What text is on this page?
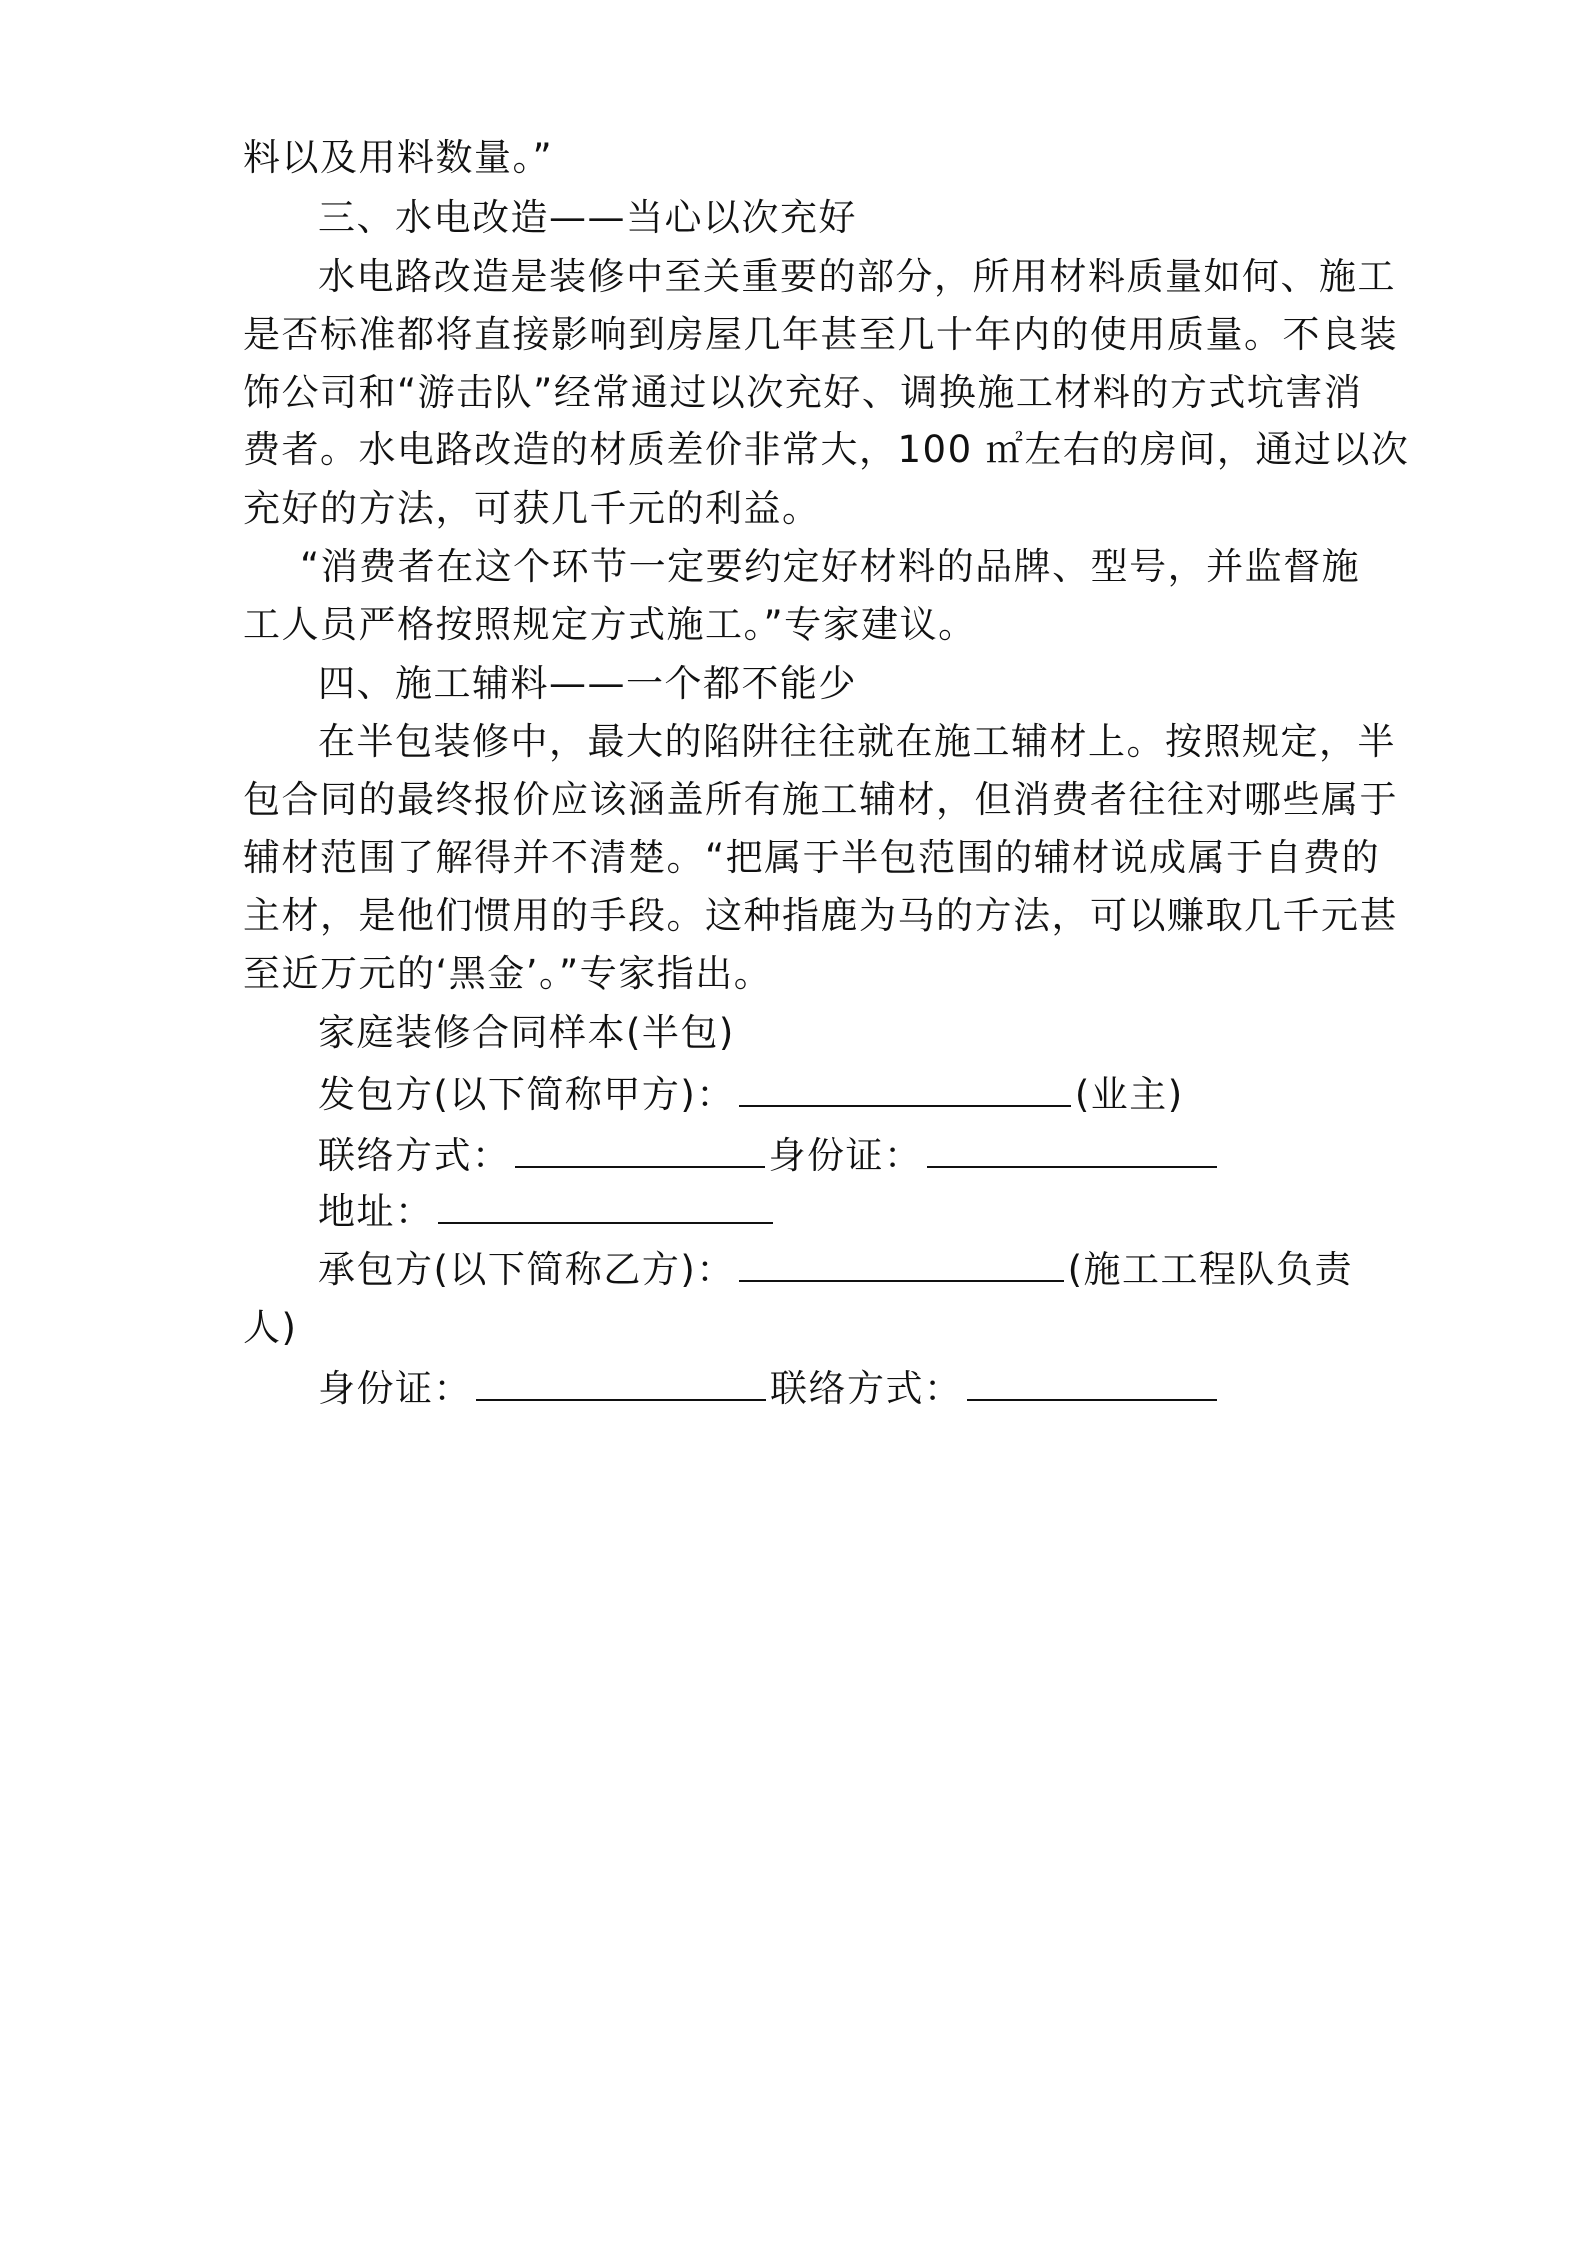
料以及用料数量。”
三、水电改造——当心以次充好
水电路改造是装修中至关重要的部分，所用材料质量如何、施工
是否标准都将直接影响到房屋几年甚至几十年内的使用质量。不良装
饰公司和“游击队”经常通过以次充好、调换施工材料的方式坑害消
费者。水电路改造的材质差价非常大，100 ㎡左右的房间，通过以次
充好的方法，可获几千元的利益。
“消费者在这个环节一定要约定好材料的品牌、型号，并监督施
工人员严格按照规定方式施工。”专家建议。
四、施工辅料——一个都不能少
在半包装修中，最大的陷阱往往就在施工辅材上。按照规定，半
包合同的最终报价应该涵盖所有施工辅材，但消费者往往对哪些属于
辅材范围了解得并不清楚。“把属于半包范围的辅材说成属于自费的
主材，是他们惯用的手段。这种指鹿为马的方法，可以赚取几千元甚
至近万元的‘黑金’。”专家指出。
家庭装修合同样本(半包)
发包方(以下简称甲方)：	(业主)
联络方式：	身份证：
地址：
承包方(以下简称乙方)：	(施工工程队负责
人)
身份证：	联络方式：
